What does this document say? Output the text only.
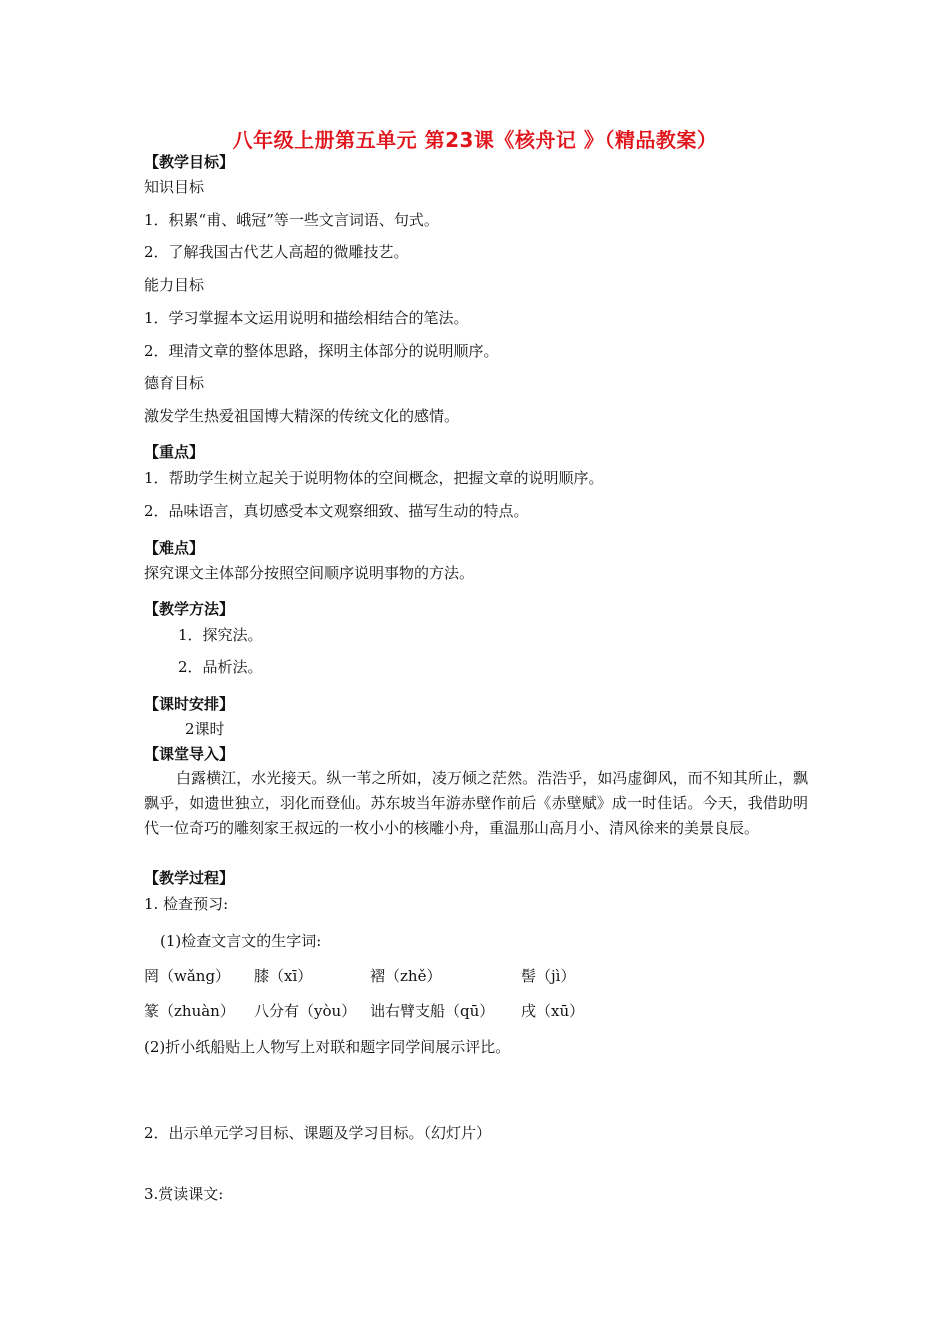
八年级上册第五单元 第23课《核舟记 》（精品教案）
【教学目标】
知识目标
1．积累“甫、峨冠”等一些文言词语、句式。
2．了解我国古代艺人高超的微雕技艺。
能力目标
1．学习掌握本文运用说明和描绘相结合的笔法。
2．理清文章的整体思路，探明主体部分的说明顺序。
德育目标
激发学生热爱祖国博大精深的传统文化的感情。
【重点】
1．帮助学生树立起关于说明物体的空间概念，把握文章的说明顺序。
2．品味语言，真切感受本文观察细致、描写生动的特点。
【难点】
探究课文主体部分按照空间顺序说明事物的方法。
【教学方法】
1．探究法。
2．品析法。
【课时安排】
2课时
【课堂导入】
白露横江，水光接天。纵一苇之所如，凌万倾之茫然。浩浩乎，如冯虚御风，而不知其所止，飘飘乎，如遗世独立，羽化而登仙。苏东坡当年游赤壁作前后《赤壁赋》成一时佳话。今天，我借助明代一位奇巧的雕刻家王叔远的一枚小小的核雕小舟，重温那山高月小、清风徐来的美景良辰。
【教学过程】
1. 检查预习:
(1)检查文言文的生字词:
罔（wǎng） 膝（xī）	褶（zhě）	髻（jì）
篆（zhuàn） 八分有（yòu） 诎右臂支船（qū） 戌（xū）
(2)折小纸船贴上人物写上对联和题字同学间展示评比。
2．出示单元学习目标、课题及学习目标。（幻灯片）
3.赏读课文:
